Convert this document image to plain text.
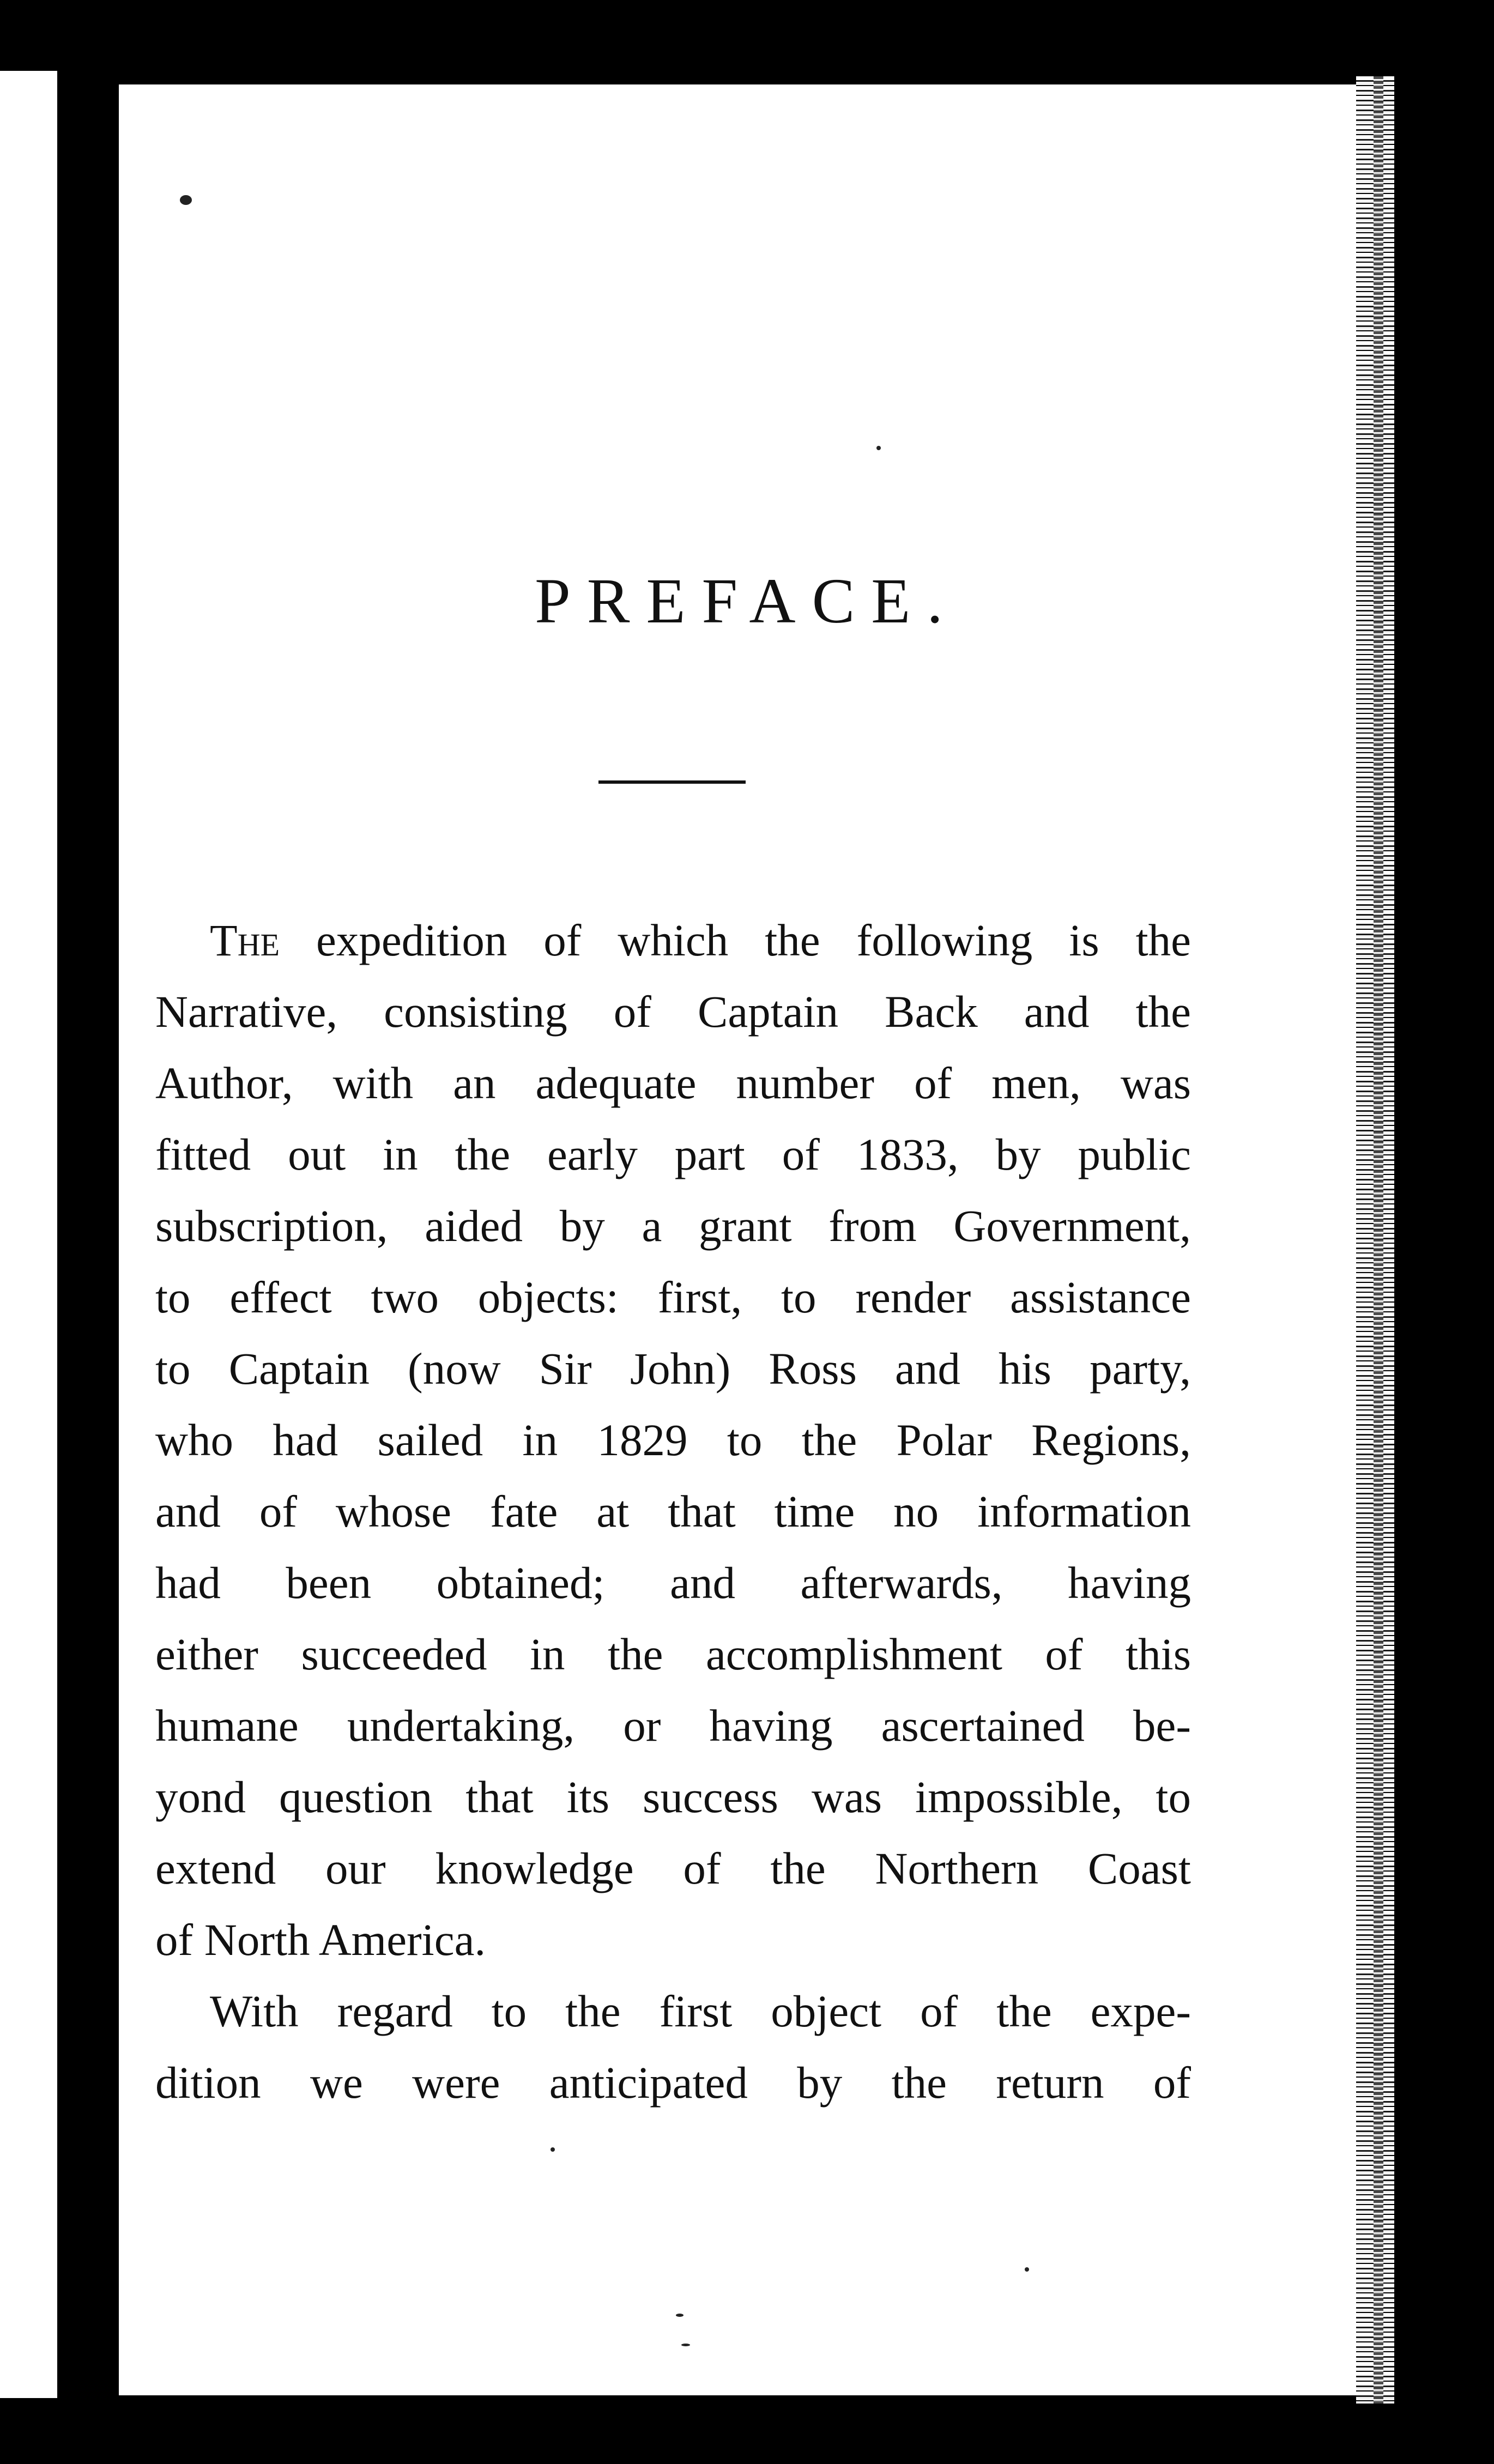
PREFACE.
The expedition of which the following is the
Narrative, consisting of Captain Back and the
Author, with an adequate number of men, was
fitted out in the early part of 1833, by public
subscription, aided by a grant from Government,
to effect two objects: first, to render assistance
to Captain (now Sir John) Ross and his party,
who had sailed in 1829 to the Polar Regions,
and of whose fate at that time no information
had been obtained; and afterwards, having
either succeeded in the accomplishment of this
humane undertaking, or having ascertained be-
yond question that its success was impossible, to
extend our knowledge of the Northern Coast
of North America.
With regard to the first object of the expe-
dition we were anticipated by the return of
